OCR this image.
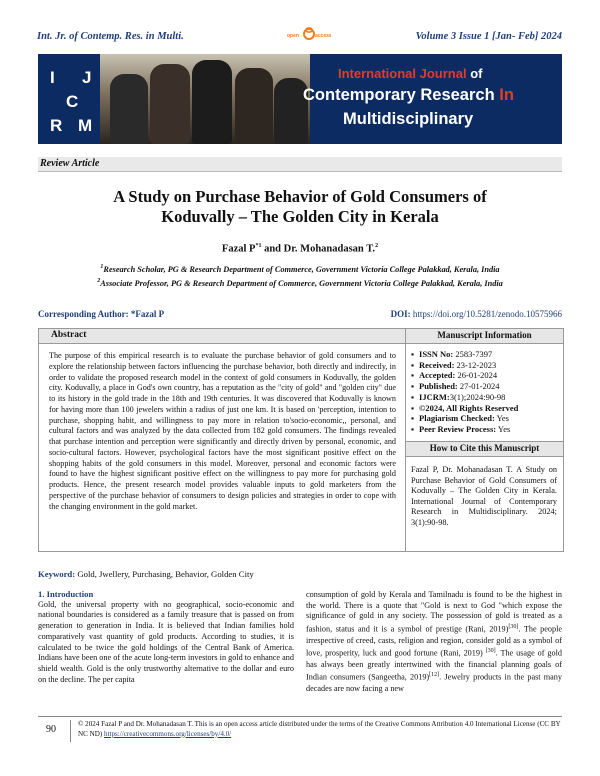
Int. Jr. of Contemp. Res. in Multi.	open	access	Volume 3 Issue 1 [Jan- Feb] 2024
I J
C
R M
International Journal of
Contemporary Research In
Multidisciplinary
Review Article
A Study on Purchase Behavior of Gold Consumers of
Koduvally – The Golden City in Kerala
Fazal $P^{*1}$ and Dr. Mohanadasan T.$^2$
$^1$Research Scholar, PG & Research Department of Commerce, Government Victoria College Palakkad, Kerala, India
$^2$Associate Professor, PG & Research Department of Commerce, Government Victoria College Palakkad, Kerala, India
Corresponding Author: *Fazal P	DOI: https://doi.org/10.5281/zenodo.10575966
Abstract
The purpose of this empirical research is to evaluate the purchase behavior of gold consumers and to explore the relationship between factors influencing the purchase behavior, both directly and indirectly, in order to validate the proposed research model in the context of gold consumers in Koduvally, the golden city. Koduvally, a place in God's own country, has a reputation as the "city of gold" and "golden city" due to its history in the gold trade in the 18th and 19th centuries. It was discovered that Koduvally is known for having more than 100 jewelers within a radius of just one km. It is based on 'perception, intention to purchase, shopping habit, and willingness to pay more in relation to'socio-economic,, personal, and cultural factors and was analyzed by the data collected from 182 gold consumers. The findings revealed that purchase intention and perception were significantly and directly driven by personal, economic, and socio-cultural factors. However, psychological factors have the most significant positive effect on the shopping habits of the gold consumers in this model. Moreover, personal and economic factors were found to have the highest significant positive effect on the willingness to pay more for purchasing gold products. Hence, the present research model provides valuable inputs to gold marketers from the perspective of the purchase behavior of consumers to design policies and strategies in order to cope with the changing environment in the gold market.
Manuscript Information
▪ ISSN No: 2583-7397
▪ Received: 23-12-2023
▪ Accepted: 26-01-2024
▪ Published: 27-01-2024
▪ IJCRM:3(1);2024:90-98
▪ ©2024, All Rights Reserved
▪ Plagiarism Checked: Yes
▪ Peer Review Process: Yes
How to Cite this Manuscript
Fazal P, Dr. Mohanadasan T. A Study on Purchase Behavior of Gold Consumers of Koduvally – The Golden City in Kerala. International Journal of Contemporary Research in Multidisciplinary. 2024; 3(1):90-98.
Keyword: Gold, Jwellery, Purchasing, Behavior, Golden City
1. Introduction
Gold, the universal property with no geographical, socio-economic and national boundaries is considered as a family treasure that is passed on from generation to generation in India. It is believed that Indian families hold comparatively vast quantity of gold products. According to studies, it is calculated to be twice the gold holdings of the Central Bank of America. Indians have been one of the acute long-term investors in gold to enhance and shield wealth. Gold is the only trustworthy alternative to the dollar and euro on the decline. The per capita
consumption of gold by Kerala and Tamilnadu is found to be the highest in the world. There is a quote that "Gold is next to God "which expose the significance of gold in any society. The possession of gold is treated as a fashion, status and it is a symbol of prestige (Rani, 2019)[30]. The people irrespective of creed, casts, religion and region, consider gold as a symbol of love, prosperity, luck and good fortune (Rani, 2019) [30]. The usage of gold has always been greatly intertwined with the financial planning goals of Indian consumers (Sangeetha, 2019)[12]. Jewelry products in the past many decades are now facing a new
90	© 2024 Fazal P and Dr. Mohanadasan T. This is an open access article distributed under the terms of the Creative Commons Attribution 4.0 International License (CC BY NC ND) https://creativecommons.org/licenses/by/4.0/
